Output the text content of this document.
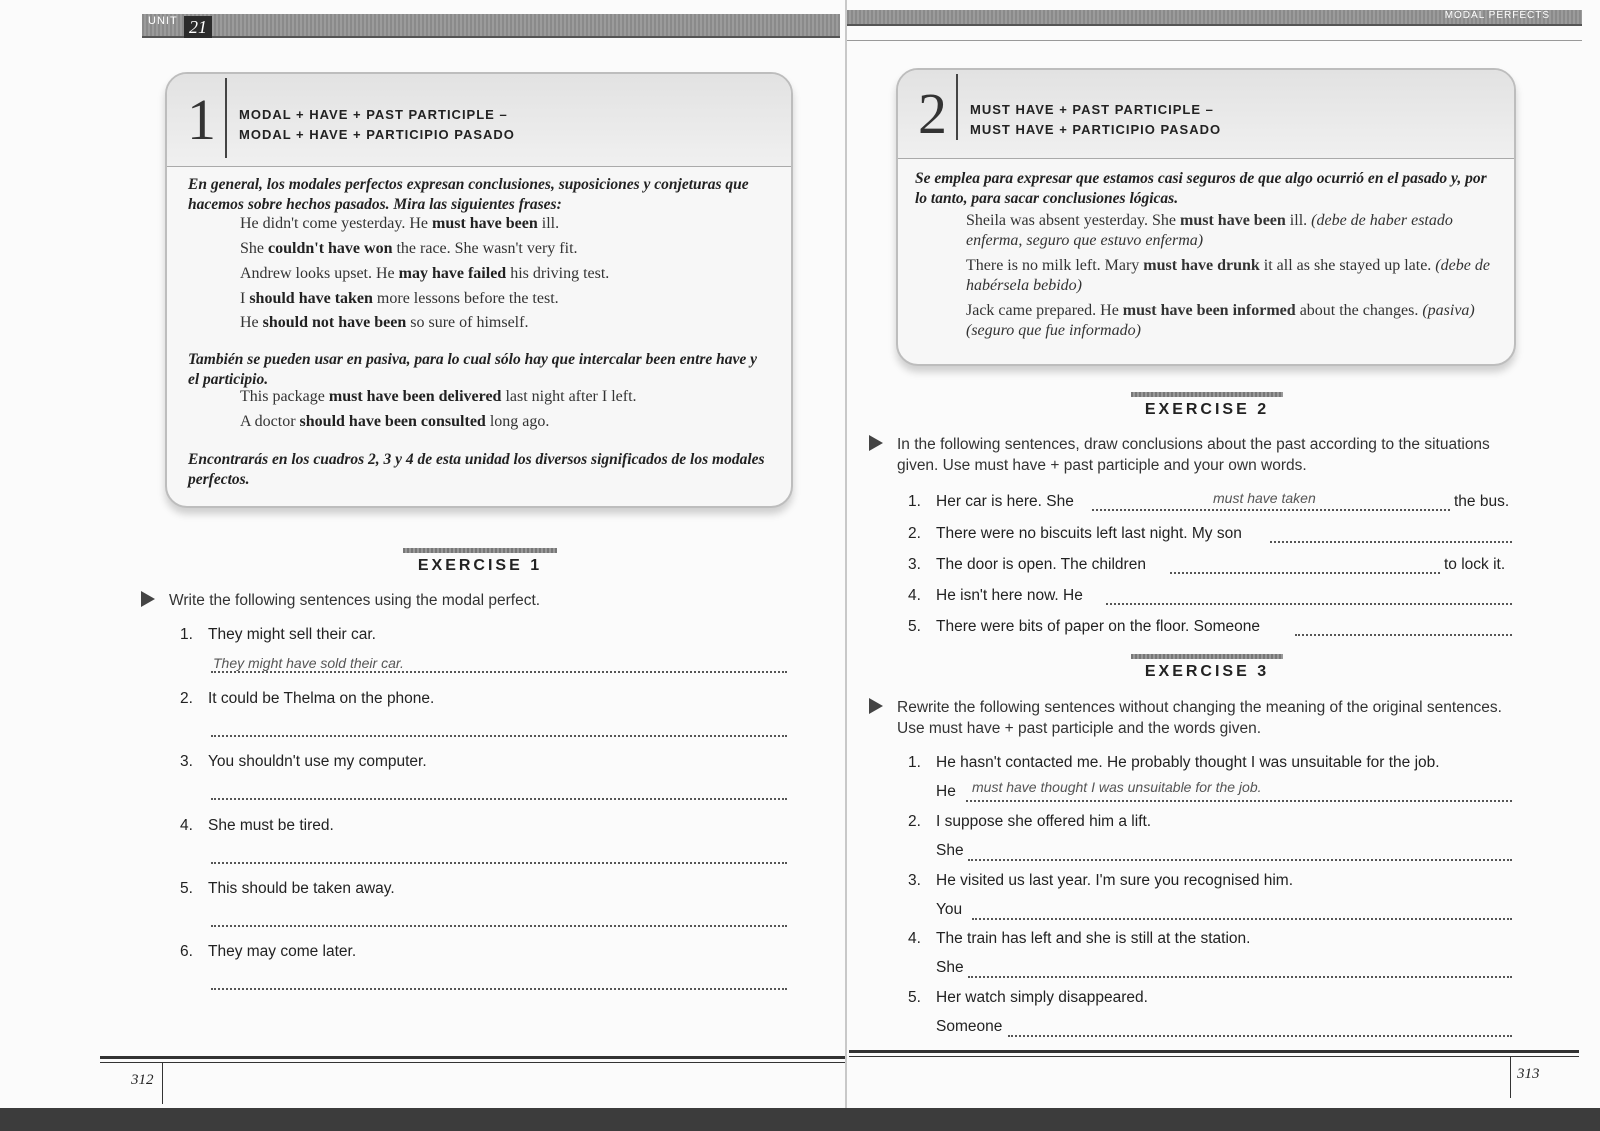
UNIT 21
MODAL PERFECTS
1 MODAL + HAVE + PAST PARTICIPLE –
MODAL + HAVE + PARTICIPIO PASADO
En general, los modales perfectos expresan conclusiones, suposiciones y conjeturas que hacemos sobre hechos pasados. Mira las siguientes frases:
He didn't come yesterday. He must have been ill.
She couldn't have won the race. She wasn't very fit.
Andrew looks upset. He may have failed his driving test.
I should have taken more lessons before the test.
He should not have been so sure of himself.
También se pueden usar en pasiva, para lo cual sólo hay que intercalar been entre have y el participio.
This package must have been delivered last night after I left.
A doctor should have been consulted long ago.
Encontrarás en los cuadros 2, 3 y 4 de esta unidad los diversos significados de los modales perfectos.
2 MUST HAVE + PAST PARTICIPLE –
MUST HAVE + PARTICIPIO PASADO
Se emplea para expresar que estamos casi seguros de que algo ocurrió en el pasado y, por lo tanto, para sacar conclusiones lógicas.
Sheila was absent yesterday. She must have been ill. (debe de haber estado enferma, seguro que estuvo enferma)
There is no milk left. Mary must have drunk it all as she stayed up late. (debe de habérsela bebido)
Jack came prepared. He must have been informed about the changes. (pasiva) (seguro que fue informado)
EXERCISE 1
Write the following sentences using the modal perfect.
1. They might sell their car.
They might have sold their car.
2. It could be Thelma on the phone.
3. You shouldn't use my computer.
4. She must be tired.
5. This should be taken away.
6. They may come later.
EXERCISE 2
In the following sentences, draw conclusions about the past according to the situations given. Use must have + past participle and your own words.
1. Her car is here. She	must have taken	the bus.
2. There were no biscuits left last night. My son
3. The door is open. The children	to lock it.
4. He isn't here now. He
5. There were bits of paper on the floor. Someone
EXERCISE 3
Rewrite the following sentences without changing the meaning of the original sentences. Use must have + past participle and the words given.
1. He hasn't contacted me. He probably thought I was unsuitable for the job.
He must have thought I was unsuitable for the job.
2. I suppose she offered him a lift.
She
3. He visited us last year. I'm sure you recognised him.
You
4. The train has left and she is still at the station.
She
5. Her watch simply disappeared.
Someone
312	313
